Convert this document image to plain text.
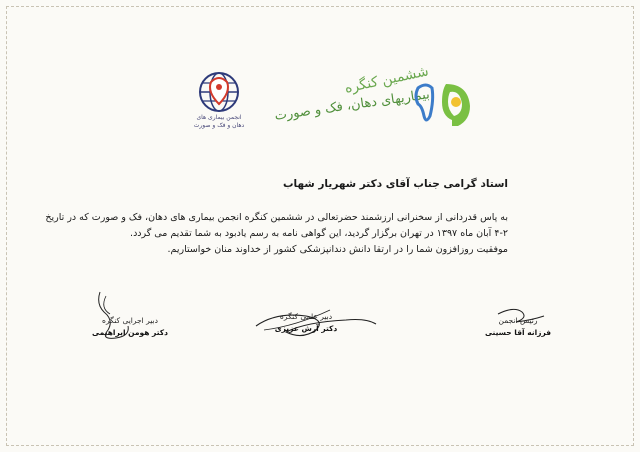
انجمن بیماری های
دهان و فک و صورت
ششمین کنگره
بیماریهای دهان، فک و صورت
استاد گرامی جناب آقای دکتر شهریار شهاب

به پاس قدردانی از سخنرانی ارزشمند حضرتعالی در ششمین کنگره انجمن بیماری های دهان، فک و صورت که در تاریخ

۴-۲ آبان ماه ۱۳۹۷ در تهران برگزار گردید، این گواهی نامه به رسم یادبود به شما تقدیم می گردد.

موفقیت روزافزون شما را در ارتقا دانش دندانپزشکی کشور از خداوند منان خواستاریم.

دبیر اجرایی کنگره
دکتر هومن ابراهیمی
دبیر علمی کنگره
دکتر آرش عزیزی
رئیس انجمن
فرزانه آقا حسینی
